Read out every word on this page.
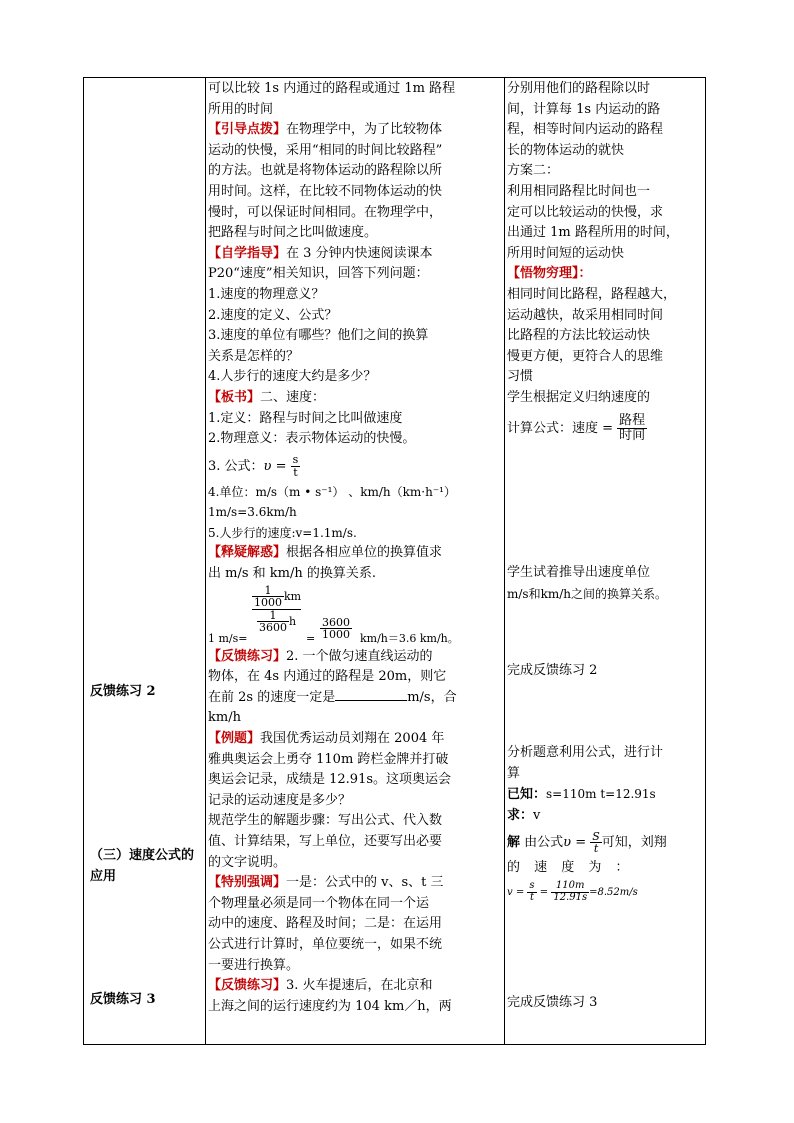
反馈练习 2
（三）速度公式的应用
反馈练习 3

可以比较 1s 内通过的路程或通过 1m 路程

所用的时间

【引导点拨】在物理学中，为了比较物体

运动的快慢，采用“相同的时间比较路程”

的方法。也就是将物体运动的路程除以所

用时间。这样，在比较不同物体运动的快

慢时，可以保证时间相同。在物理学中，

把路程与时间之比叫做速度。

【自学指导】在 3 分钟内快速阅读课本

P20“速度”相关知识，回答下列问题：

1.速度的物理意义？

2.速度的定义、公式？

3.速度的单位有哪些？他们之间的换算

关系是怎样的？

4.人步行的速度大约是多少？

【板书】二、速度：

1.定义：路程与时间之比叫做速度

2.物理意义：表示物体运动的快慢。

3. 公式：$\upsilon = \frac{s}{t}$

4.单位：m/s（m • s⁻¹） 、km/h（km·h⁻¹）

1m/s=3.6km/h

5.人步行的速度:v=1.1m/s.

【释疑解惑】根据各相应单位的换算值求

出 m/s 和 km/h 的换算关系.

1 m/s=
$\frac{\frac{1}{1000} km}{\frac{1}{3600} h}$
= $\frac{3600}{1000} km/h=3.6$ km/h。

【反馈练习】2. 一个做匀速直线运动的

物体，在 4s 内通过的路程是 20m，则它

在前 2s 的速度一定是	m/s，合

km/h

【例题】我国优秀运动员刘翔在 2004 年

雅典奥运会上勇夺 110m 跨栏金牌并打破

奥运会记录，成绩是 12.91s。这项奥运会

记录的运动速度是多少？

规范学生的解题步骤：写出公式、代入数

值、计算结果，写上单位，还要写出必要

的文字说明。

【特别强调】一是：公式中的 v、s、t 三

个物理量必须是同一个物体在同一个运

动中的速度、路程及时间；二是：在运用

公式进行计算时，单位要统一，如果不统

一要进行换算。

【反馈练习】3. 火车提速后，在北京和

上海之间的运行速度约为 104 km／h，两

分别用他们的路程除以时

间，计算每 1s 内运动的路

程，相等时间内运动的路程

长的物体运动的就快

方案二：

利用相同路程比时间也一

定可以比较运动的快慢，求

出通过 1m 路程所用的时间，

所用时间短的运动快

【悟物穷理】：

相同时间比路程，路程越大，

运动越快，故采用相同时间

比路程的方法比较运动快

慢更方便，更符合人的思维

习惯

学生根据定义归纳速度的

计算公式：速度 = $\frac{\text{路程}}{\text{时间}}$

学生试着推导出速度单位

m/s和km/h之间的换算关系。

完成反馈练习 2

分析题意利用公式，进行计

算

已知：s=110m t=12.91s

求：v

解 由公式$\upsilon = \frac{S}{t}$ 可知，刘翔

的 速 度 为 ：

$v = \frac{s}{t} = \frac{110m}{12.91s} =8.52m/s$

完成反馈练习 3
